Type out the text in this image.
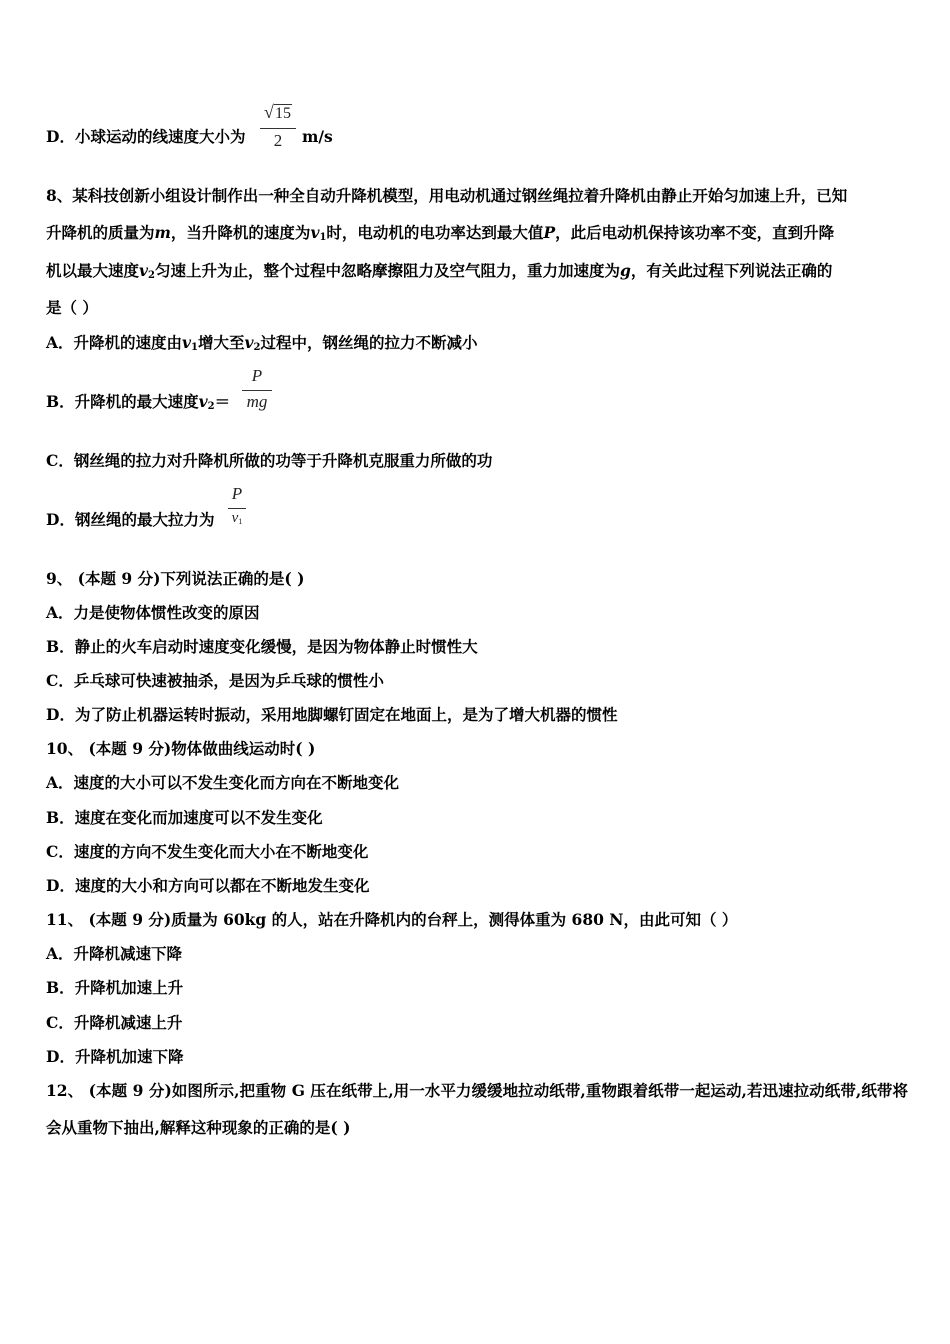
D．小球运动的线速度大小为
√15
2	m/s
8、某科技创新小组设计制作出一种全自动升降机模型，用电动机通过钢丝绳拉着升降机由静止开始匀加速上升，已知
升降机的质量为m，当升降机的速度为$v_1$时，电动机的电功率达到最大值P，此后电动机保持该功率不变，直到升降
机以最大速度$v_2$匀速上升为止，整个过程中忽略摩擦阻力及空气阻力，重力加速度为g，有关此过程下列说法正确的
是（ ）
A．升降机的速度由$v_1$增大至$v_2$过程中，钢丝绳的拉力不断减小
B．升降机的最大速度$v_2=$
P
mg
C．钢丝绳的拉力对升降机所做的功等于升降机克服重力所做的功
D．钢丝绳的最大拉力为
P
$v_1$
9、 (本题 9 分)下列说法正确的是( )
A．力是使物体惯性改变的原因
B．静止的火车启动时速度变化缓慢，是因为物体静止时惯性大
C．乒乓球可快速被抽杀，是因为乒乓球的惯性小
D．为了防止机器运转时振动，采用地脚螺钉固定在地面上，是为了增大机器的惯性
10、 (本题 9 分)物体做曲线运动时( )
A．速度的大小可以不发生变化而方向在不断地变化
B．速度在变化而加速度可以不发生变化
C．速度的方向不发生变化而大小在不断地变化
D．速度的大小和方向可以都在不断地发生变化
11、 (本题 9 分)质量为 60kg 的人，站在升降机内的台秤上，测得体重为 680 N，由此可知（ ）
A．升降机减速下降
B．升降机加速上升
C．升降机减速上升
D．升降机加速下降
12、 (本题 9 分)如图所示,把重物 G 压在纸带上,用一水平力缓缓地拉动纸带,重物跟着纸带一起运动,若迅速拉动纸带,纸带将会从重物下抽出,解释这种现象的正确的是( )
